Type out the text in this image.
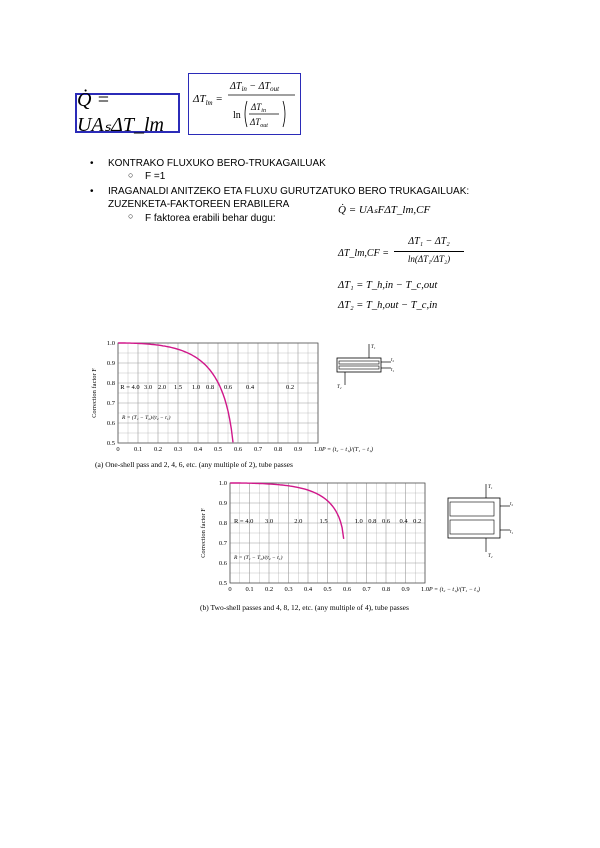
Q̇ = UAₛΔT_lm
$\Delta T_{lm}$ =
$\Delta T_{in} - \Delta T_{out}$
ln
$\Delta T_{in}$
$\Delta T_{out}$
•	KONTRAKO FLUXUKO BERO-TRUKAGAILUAK
○ F =1
•	IRAGANALDI ANITZEKO ETA FLUXU GURUTZATUKO BERO TRUKAGAILUAK:
ZUZENKETA-FAKTOREEN ERABILERA
○ F faktorea erabili behar dugu:
Q̇ = UAₛFΔT_lm,CF
ΔT_lm,CF =
ΔT₁ − ΔT₂
ln(ΔT₁/ΔT₂)
ΔT₁ = T_h,in − T_c,out
ΔT₂ = T_h,out − T_c,in
0 0.1 0.2 0.3 0.4 0.5 0.6 0.7 0.8 0.9 1.0
0.5
0.6
0.7
0.8
0.9
1.0
Correction factor F
P = (t₂ − t₁)/(T₁ − t₁)
R = 4.0 3.0 2.0 1.5 1.0 0.8 0.6 0.4	0.2
R = (T₁ − T₂)/(t₂ − t₁)
T₁
t₂
t₁
T₂
(a) One-shell pass and 2, 4, 6, etc. (any multiple of 2), tube passes
0 0.1 0.2 0.3 0.4 0.5 0.6 0.7 0.8 0.9 1.0
0.5
0.6
0.7
0.8
0.9
1.0
Correction factor F
P = (t₂ − t₁)/(T₁ − t₁)
R = 4.0 3.0	2.0	1.5	1.0 0.8 0.6 0.4 0.2
R = (T₁ − T₂)/(t₂ − t₁)
T₁
t₂
t₁
T₂
(b) Two-shell passes and 4, 8, 12, etc. (any multiple of 4), tube passes
